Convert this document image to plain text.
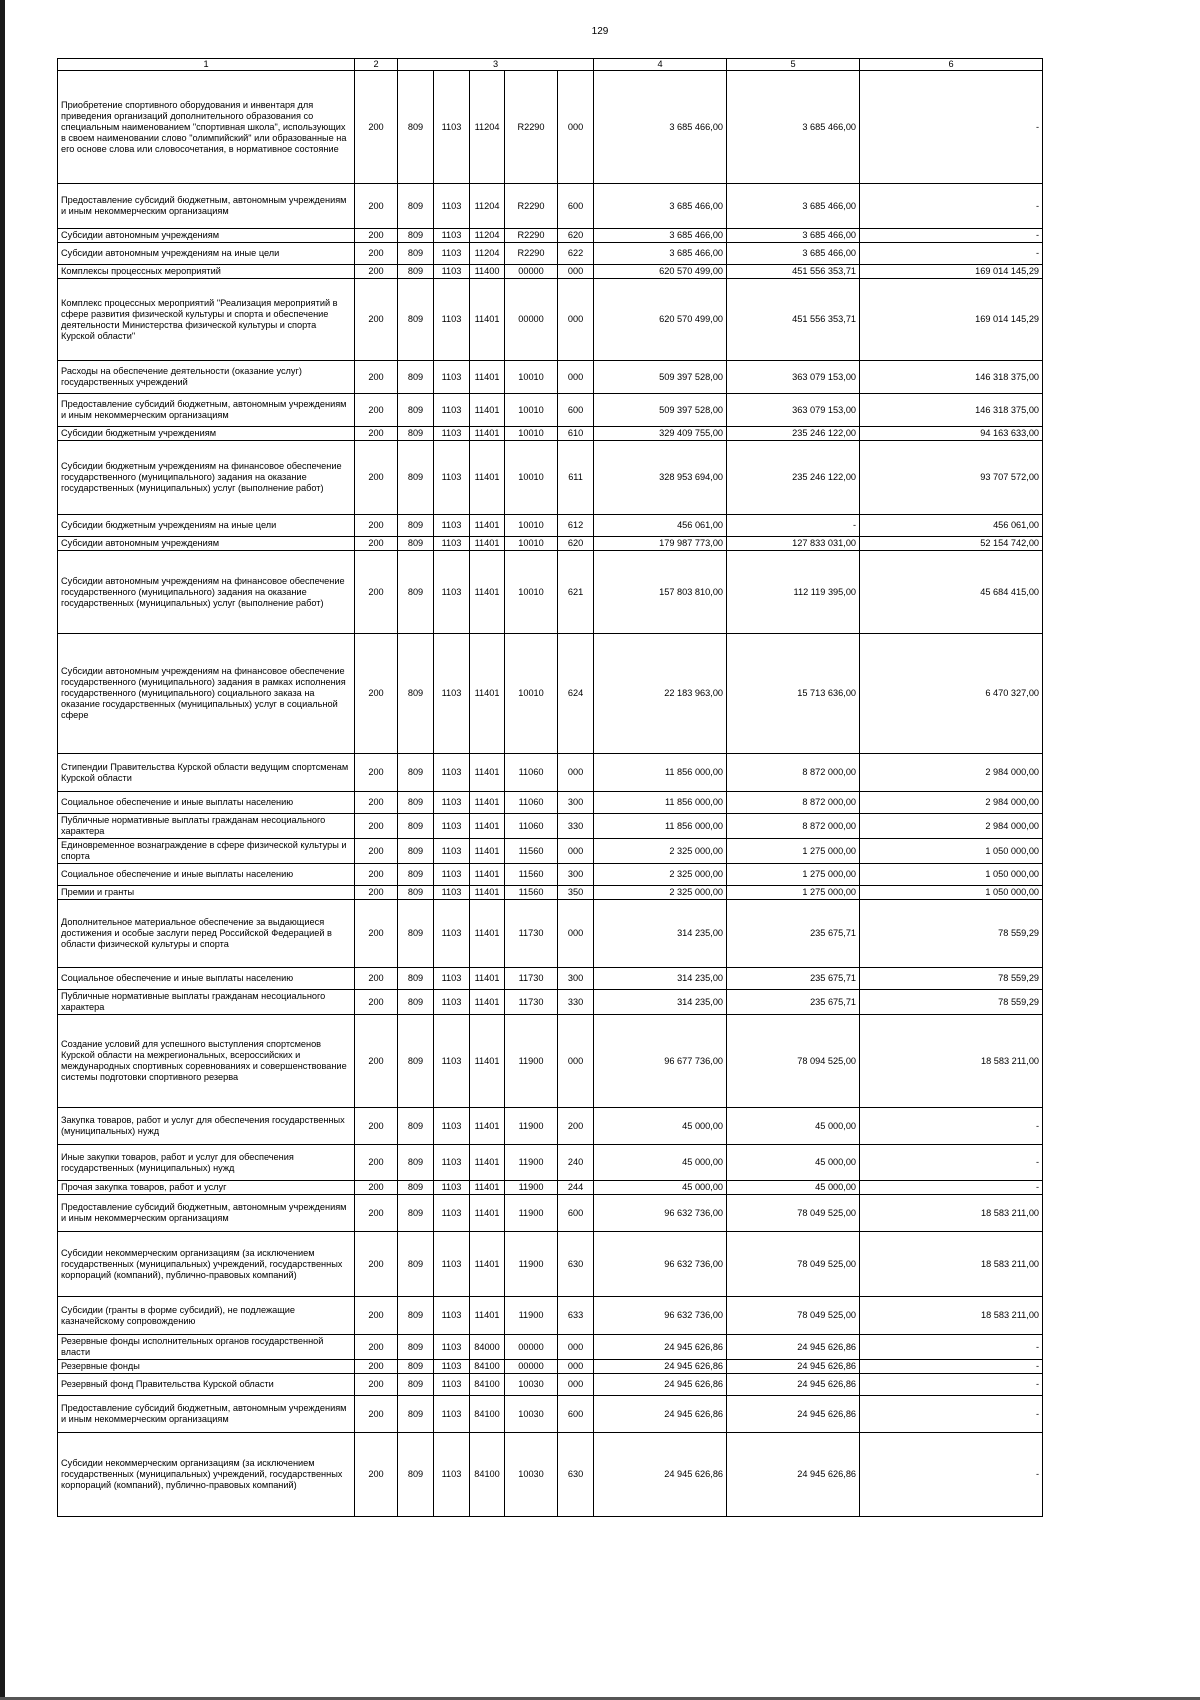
129
1	2	3					4	5	6
Приобретение спортивного оборудования и инвентаря для приведения организаций дополнительного образования со специальным наименованием "спортивная школа", использующих в своем наименовании слово "олимпийский" или образованные на его основе слова или словосочетания, в нормативное состояние	200	809	1103	11204	R2290	000	3 685 466,00	3 685 466,00	-
Предоставление субсидий бюджетным, автономным учреждениям и иным некоммерческим организациям	200	809	1103	11204	R2290	600	3 685 466,00	3 685 466,00	-
Субсидии автономным учреждениям	200	809	1103	11204	R2290	620	3 685 466,00	3 685 466,00	-
Субсидии автономным учреждениям на иные цели	200	809	1103	11204	R2290	622	3 685 466,00	3 685 466,00	-
Комплексы процессных мероприятий	200	809	1103	11400	00000	000	620 570 499,00	451 556 353,71	169 014 145,29
Комплекс процессных мероприятий "Реализация мероприятий в сфере развития физической культуры и спорта и обеспечение деятельности Министерства физической культуры и спорта Курской области"	200	809	1103	11401	00000	000	620 570 499,00	451 556 353,71	169 014 145,29
Расходы на обеспечение деятельности (оказание услуг) государственных учреждений	200	809	1103	11401	10010	000	509 397 528,00	363 079 153,00	146 318 375,00
Предоставление субсидий бюджетным, автономным учреждениям и иным некоммерческим организациям	200	809	1103	11401	10010	600	509 397 528,00	363 079 153,00	146 318 375,00
Субсидии бюджетным учреждениям	200	809	1103	11401	10010	610	329 409 755,00	235 246 122,00	94 163 633,00
Субсидии бюджетным учреждениям на финансовое обеспечение государственного (муниципального) задания на оказание государственных (муниципальных) услуг (выполнение работ)	200	809	1103	11401	10010	611	328 953 694,00	235 246 122,00	93 707 572,00
Субсидии бюджетным учреждениям на иные цели	200	809	1103	11401	10010	612	456 061,00	-	456 061,00
Субсидии автономным учреждениям	200	809	1103	11401	10010	620	179 987 773,00	127 833 031,00	52 154 742,00
Субсидии автономным учреждениям на финансовое обеспечение государственного (муниципального) задания на оказание государственных (муниципальных) услуг (выполнение работ)	200	809	1103	11401	10010	621	157 803 810,00	112 119 395,00	45 684 415,00
Субсидии автономным учреждениям на финансовое обеспечение государственного (муниципального) задания в рамках исполнения государственного (муниципального) социального заказа на оказание государственных (муниципальных) услуг в социальной сфере	200	809	1103	11401	10010	624	22 183 963,00	15 713 636,00	6 470 327,00
Стипендии Правительства Курской области ведущим спортсменам Курской области	200	809	1103	11401	11060	000	11 856 000,00	8 872 000,00	2 984 000,00
Социальное обеспечение и иные выплаты населению	200	809	1103	11401	11060	300	11 856 000,00	8 872 000,00	2 984 000,00
Публичные нормативные выплаты гражданам несоциального характера	200	809	1103	11401	11060	330	11 856 000,00	8 872 000,00	2 984 000,00
Единовременное вознаграждение в сфере физической культуры и спорта	200	809	1103	11401	11560	000	2 325 000,00	1 275 000,00	1 050 000,00
Социальное обеспечение и иные выплаты населению	200	809	1103	11401	11560	300	2 325 000,00	1 275 000,00	1 050 000,00
Премии и гранты	200	809	1103	11401	11560	350	2 325 000,00	1 275 000,00	1 050 000,00
Дополнительное материальное обеспечение за выдающиеся достижения и особые заслуги перед Российской Федерацией в области физической культуры и спорта	200	809	1103	11401	11730	000	314 235,00	235 675,71	78 559,29
Социальное обеспечение и иные выплаты населению	200	809	1103	11401	11730	300	314 235,00	235 675,71	78 559,29
Публичные нормативные выплаты гражданам несоциального характера	200	809	1103	11401	11730	330	314 235,00	235 675,71	78 559,29
Создание условий для успешного выступления спортсменов Курской области на межрегиональных, всероссийских и международных спортивных соревнованиях и совершенствование системы подготовки спортивного резерва	200	809	1103	11401	11900	000	96 677 736,00	78 094 525,00	18 583 211,00
Закупка товаров, работ и услуг для обеспечения государственных (муниципальных) нужд	200	809	1103	11401	11900	200	45 000,00	45 000,00	-
Иные закупки товаров, работ и услуг для обеспечения государственных (муниципальных) нужд	200	809	1103	11401	11900	240	45 000,00	45 000,00	-
Прочая закупка товаров, работ и услуг	200	809	1103	11401	11900	244	45 000,00	45 000,00	-
Предоставление субсидий бюджетным, автономным учреждениям и иным некоммерческим организациям	200	809	1103	11401	11900	600	96 632 736,00	78 049 525,00	18 583 211,00
Субсидии некоммерческим организациям (за исключением государственных (муниципальных) учреждений, государственных корпораций (компаний), публично-правовых компаний)	200	809	1103	11401	11900	630	96 632 736,00	78 049 525,00	18 583 211,00
Субсидии (гранты в форме субсидий), не подлежащие казначейскому сопровождению	200	809	1103	11401	11900	633	96 632 736,00	78 049 525,00	18 583 211,00
Резервные фонды исполнительных органов государственной власти	200	809	1103	84000	00000	000	24 945 626,86	24 945 626,86	-
Резервные фонды	200	809	1103	84100	00000	000	24 945 626,86	24 945 626,86	-
Резервный фонд Правительства Курской области	200	809	1103	84100	10030	000	24 945 626,86	24 945 626,86	-
Предоставление субсидий бюджетным, автономным учреждениям и иным некоммерческим организациям	200	809	1103	84100	10030	600	24 945 626,86	24 945 626,86	-
Субсидии некоммерческим организациям (за исключением государственных (муниципальных) учреждений, государственных корпораций (компаний), публично-правовых компаний)	200	809	1103	84100	10030	630	24 945 626,86	24 945 626,86	-
